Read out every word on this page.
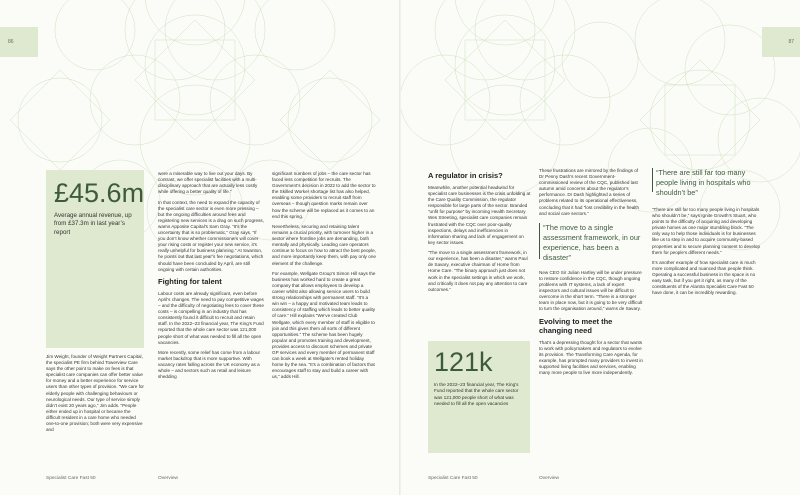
86
£45.6m
Average annual revenue, up from £37.3m in last year’s report

Jim Weight, founder of Weight Partners Capital, the specialist PE firm behind Towerview Care says the other point to make on fees is that specialist care companies can offer better value for money and a better experience for service users than other types of provision. “We care for elderly people with challenging behaviours or neurological needs. Our type of service simply didn’t exist 20 years ago,” Jim adds. “People either ended up in hospital or became the difficult resident in a care home who needed one-to-one provision; both were very expensive and

were a miserable way to live out your days. By contrast, we offer specialist facilities with a multi-disciplinary approach that are actually less costly while offering a better quality of life.”

In that context, the need to expand the capacity of the specialist care sector is even more pressing – but the ongoing difficulties around fees and registering new services is a drag on such progress, warns Apposite Capital’s Sam Gray. “It’s the uncertainty that is so problematic,” Gray says. “If you don’t know whether commissioners will cover your rising costs or register your new service, it’s really unhelpful for business planning.” At Swanton, he points out that last year’s fee negotiations, which should have been concluded by April, are still ongoing with certain authorities.

Fighting for talent

Labour costs are already significant, even before April’s changes. The need to pay competitive wages – and the difficulty of negotiating fees to cover these costs – is compelling in an industry that has consistently found it difficult to recruit and retain staff. In the 2022–23 financial year, The King’s Fund reported that the whole care sector was 121,000 people short of what was needed to fill all the open vacancies.

More recently, some relief has come from a labour market backdrop that is more supportive. With vacancy rates falling across the UK economy as a whole – and sectors such as retail and leisure shedding

significant numbers of jobs – the care sector has faced less competition for recruits. The Government’s decision in 2022 to add the sector to the Skilled Worker shortage list has also helped, enabling some providers to recruit staff from overseas – though question marks remain over how the scheme will be replaced as it comes to an end this spring.

Nevertheless, securing and retaining talent remains a crucial priority, with turnover higher in a sector where frontline jobs are demanding, both mentally and physically. Leading care operators continue to focus on how to attract the best people, and more importantly keep them, with pay only one element of the challenge.

For example, Wellgate Group’s Simon Hill says the business has worked hard to create a great company that allows employees to develop a career whilst also allowing service users to build strong relationships with permanent staff. “It’s a win win – a happy and motivated team leads to consistency of staffing which leads to better quality of care.” Hill explains “We’ve created Club Wellgate, which every member of staff is eligible to join and this gives them all sorts of different opportunities.” The scheme has been hugely popular and promotes training and development, provides access to discount schemes and private GP services and every member of permanent staff can book a week at Wellgate’s rented holiday home by the sea. “It’s a combination of factors that encourages staff to stay and build a career with us,” adds Hill.

Specialist Care Fast 50	Overview
87
A regulator in crisis?

Meanwhile, another potential headwind for specialist care businesses is the crisis unfolding at the Care Quality Commission, the regulator responsible for large parts of the sector. Branded “unfit for purpose” by incoming Health Secretary Wes Streeting, specialist care companies remain frustrated with the CQC over poor-quality inspections, delays and inefficiencies in information sharing and lack of engagement on key sector issues.

“The move to a single assessment framework, in our experience, has been a disaster,” warns Paul de Savary, executive chairman of Home from Home Care. “The binary approach just does not work in the specialist settings in which we work, and critically it does not pay any attention to care outcomes.”

121k
In the 2022–23 financial year, The King’s Fund reported that the whole care sector was 121,000 people short of what was needed to fill all the open vacancies

These frustrations are mirrored by the findings of Dr Penny Dash’s recent Government-commissioned review of the CQC, published last autumn amid concerns about the regulator’s performance. Dr Dash highlighted a series of problems related to its operational effectiveness, concluding that it had “lost credibility in the health and social care sectors.”

“The move to a single assessment framework, in our experience, has been a disaster”

New CEO Sir Julian Hartley will be under pressure to restore confidence in the CQC, though ongoing problems with IT systems, a lack of expert inspectors and cultural issues will be difficult to overcome in the short term. “There is a stronger team in place now, but it is going to be very difficult to turn the organisation around,” warns de Savary.

Evolving to meet the changing need

That’s a depressing thought for a sector that wants to work with policymakers and regulators to evolve its provision. The Transforming Care Agenda, for example, has prompted many providers to invest in supported living facilities and services, enabling many more people to live more independently.

“There are still far too many people living in hospitals who shouldn’t be”

“There are still far too many people living in hospitals who shouldn’t be,” says Ignite Growth’s Stuart, who points to the difficulty of acquiring and developing private homes as one major stumbling block. “The only way to help those individuals is for businesses like us to step in and to acquire community-based properties and to secure planning consent to develop them for people’s different needs.”

It’s another example of how specialist care is much more complicated and nuanced than people think. Operating a successful business in the space is no easy task, but if you get it right, as many of the constituents of the Alantra Specialist Care Fast 50 have done, it can be incredibly rewarding.

Specialist Care Fast 50	Overview
